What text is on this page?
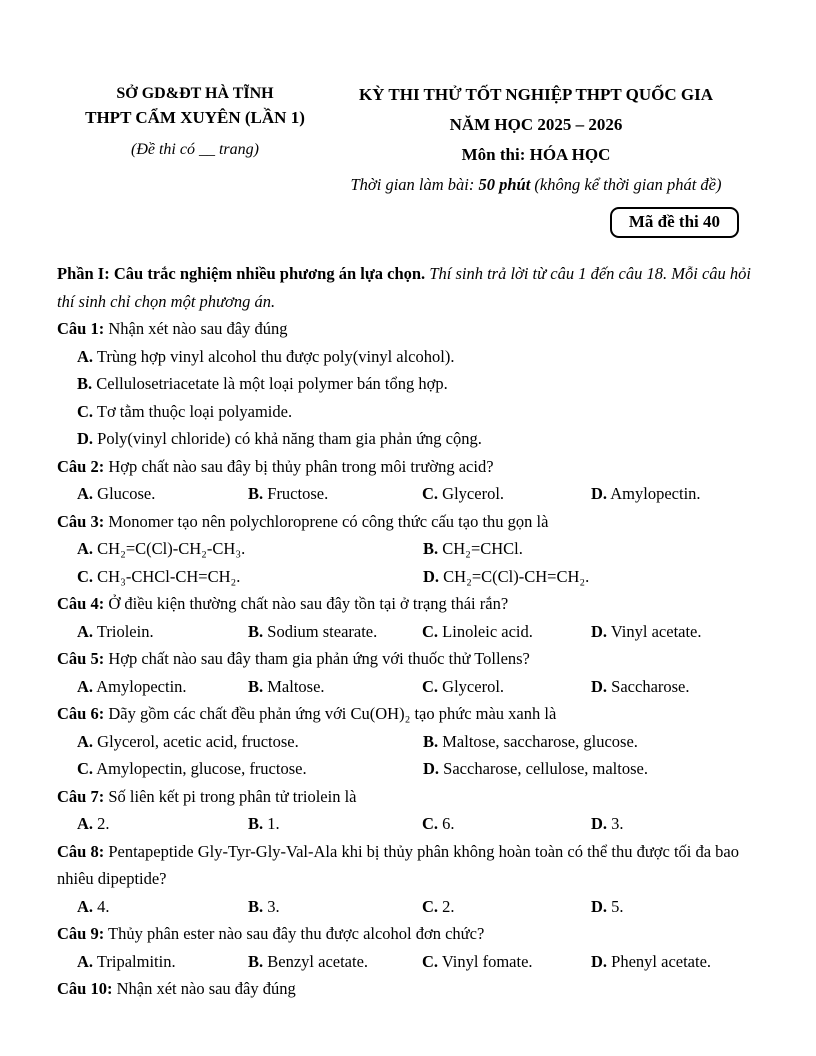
SỞ GD&ĐT HÀ TĨNH
THPT CẨM XUYÊN (LẦN 1)
(Đề thi có __ trang)
KỲ THI THỬ TỐT NGHIỆP THPT QUỐC GIA
NĂM HỌC 2025 – 2026
Môn thi: HÓA HỌC
Thời gian làm bài: 50 phút (không kể thời gian phát đề)
Mã đề thi 40

Phần I: Câu trắc nghiệm nhiều phương án lựa chọn. Thí sinh trả lời từ câu 1 đến câu 18. Mỗi câu hỏi thí sinh chỉ chọn một phương án.

Câu 1: Nhận xét nào sau đây đúng

A. Trùng hợp vinyl alcohol thu được poly(vinyl alcohol).
B. Cellulosetriacetate là một loại polymer bán tổng hợp.
C. Tơ tằm thuộc loại polyamide.
D. Poly(vinyl chloride) có khả năng tham gia phản ứng cộng.

Câu 2: Hợp chất nào sau đây bị thủy phân trong môi trường acid?

A. Glucose.	B. Fructose.	C. Glycerol.	D. Amylopectin.

Câu 3: Monomer tạo nên polychloroprene có công thức cấu tạo thu gọn là

A. CH₂=C(Cl)-CH₂-CH₃.	B. CH₂=CHCl.
C. CH₃-CHCl-CH=CH₂.	D. CH₂=C(Cl)-CH=CH₂.

Câu 4: Ở điều kiện thường chất nào sau đây tồn tại ở trạng thái rắn?

A. Triolein.	B. Sodium stearate.	C. Linoleic acid.	D. Vinyl acetate.

Câu 5: Hợp chất nào sau đây tham gia phản ứng với thuốc thử Tollens?

A. Amylopectin.	B. Maltose.	C. Glycerol.	D. Saccharose.

Câu 6: Dãy gồm các chất đều phản ứng với Cu(OH)₂ tạo phức màu xanh là

A. Glycerol, acetic acid, fructose.	B. Maltose, saccharose, glucose.
C. Amylopectin, glucose, fructose.	D. Saccharose, cellulose, maltose.

Câu 7: Số liên kết pi trong phân tử triolein là

A. 2.	B. 1.	C. 6.	D. 3.

Câu 8: Pentapeptide Gly-Tyr-Gly-Val-Ala khi bị thủy phân không hoàn toàn có thể thu được tối đa bao nhiêu dipeptide?

A. 4.	B. 3.	C. 2.	D. 5.

Câu 9: Thủy phân ester nào sau đây thu được alcohol đơn chức?

A. Tripalmitin.	B. Benzyl acetate.	C. Vinyl fomate.	D. Phenyl acetate.

Câu 10: Nhận xét nào sau đây đúng
